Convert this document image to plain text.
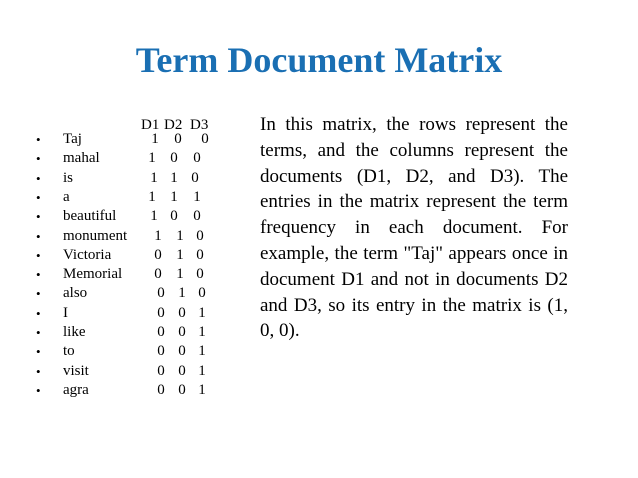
Term Document Matrix
D1 D2 D3
• Taj	1 0 0
• mahal	1 0 0
• is	1 1 0
• a	1 1 1
• beautiful 1 0 0
• monument 1 1 0
• Victoria	0 1 0
• Memorial 0 1 0
• also	0 1 0
• I	0 0 1
• like	0 0 1
• to	0 0 1
• visit	0 0 1
• agra	0 0 1
In this matrix, the rows represent the terms, and the columns represent the documents (D1, D2, and D3). The entries in the matrix represent the term frequency in each document. For example, the term "Taj" appears once in document D1 and not in documents D2 and D3, so its entry in the matrix is (1, 0, 0).
